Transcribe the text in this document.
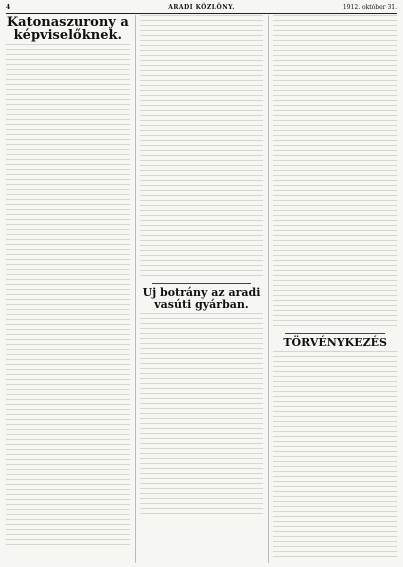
4	ARADI KÖZLÖNY.	1912. október 31.
Katonaszurony a képviselőknek.
Uj botrány az aradi vasúti gyárban.
TÖRVÉNYKEZÉS
